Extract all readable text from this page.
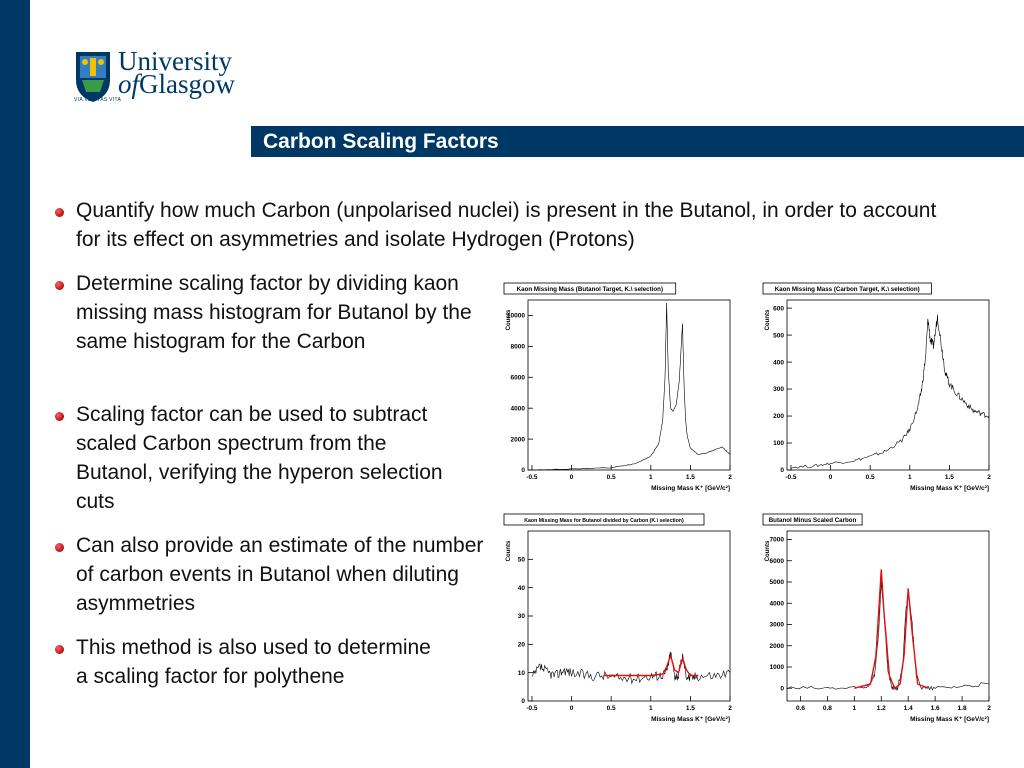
University
ofGlasgow
VIA VERITAS VITA
Carbon Scaling Factors
Quantify how much Carbon (unpolarised nuclei) is present in the Butanol, in order to account for its effect on asymmetries and isolate Hydrogen (Protons)
Determine scaling factor by dividing kaon missing mass histogram for Butanol by the same histogram for the Carbon
Scaling factor can be used to subtract scaled Carbon spectrum from the Butanol, verifying the hyperon selection cuts
Can also provide an estimate of the number of carbon events in Butanol when diluting asymmetries
This method is also used to determine a scaling factor for polythene
Kaon Missing Mass (Butanol Target, K.\ selection)
Counts
Missing Mass K⁺ [GeV/c²]
-0.5	0	0.5	1	1.5	2
0
2000
4000
6000
8000
10000
Kaon Missing Mass (Carbon Target, K.\ selection)
Counts
Missing Mass K⁺ [GeV/c²]
-0.5	0	0.5	1	1.5	2
0
100
200
300
400
500
600
Kaon Missing Mass for Butanol divided by Carbon (K.\ selection)
Counts
Missing Mass K⁺ [GeV/c²]
-0.5	0	0.5	1	1.5	2
0
10
20
30
40
50
Butanol Minus Scaled Carbon
Counts
Missing Mass K⁺ [GeV/c²]
0.6	0.8	1	1.2	1.4	1.6	1.8	2
0
1000
2000
3000
4000
5000
6000
7000
